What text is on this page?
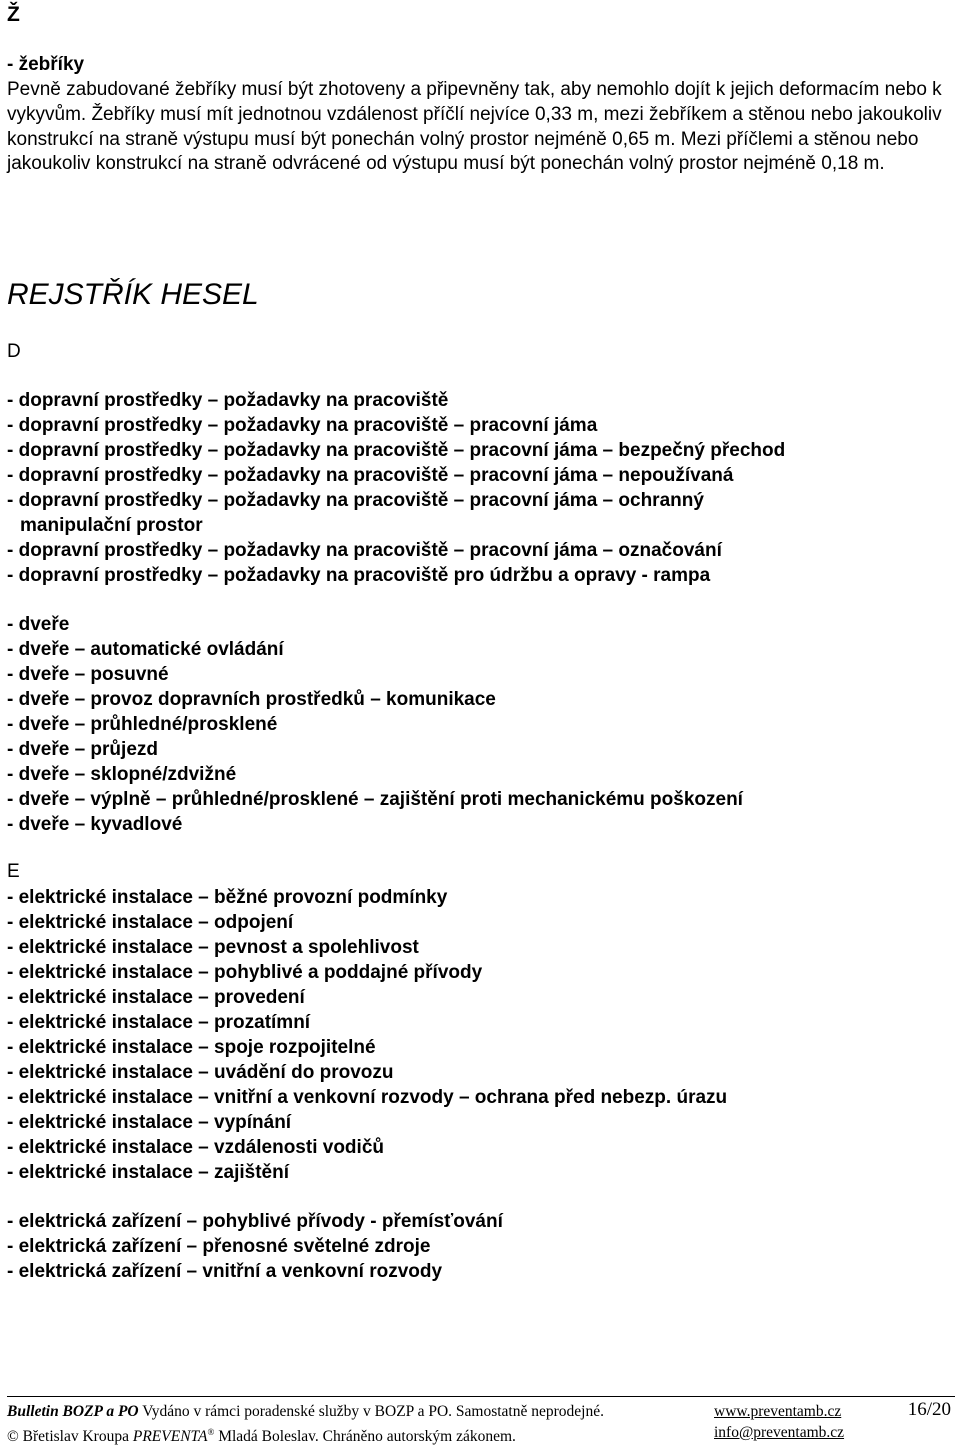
Ž
- žebříky

Pevně zabudované žebříky musí být zhotoveny a připevněny tak, aby nemohlo dojít k jejich deformacím nebo k vykyvům. Žebříky musí mít jednotnou vzdálenost příčlí nejvíce 0,33 m, mezi žebříkem a stěnou nebo jakoukoliv konstrukcí na straně výstupu musí být ponechán volný prostor nejméně 0,65 m. Mezi příčlemi a stěnou nebo jakoukoliv konstrukcí na straně odvrácené od výstupu musí být ponechán volný prostor nejméně 0,18 m.

REJSTŘÍK HESEL
D
- dopravní prostředky – požadavky na pracoviště
- dopravní prostředky – požadavky na pracoviště – pracovní jáma
- dopravní prostředky – požadavky na pracoviště – pracovní jáma – bezpečný přechod
- dopravní prostředky – požadavky na pracoviště – pracovní jáma – nepoužívaná
- dopravní prostředky – požadavky na pracoviště – pracovní jáma – ochranný manipulační prostor
- dopravní prostředky – požadavky na pracoviště – pracovní jáma – označování
- dopravní prostředky – požadavky na pracoviště pro údržbu a opravy - rampa
- dveře
- dveře – automatické ovládání
- dveře – posuvné
- dveře – provoz dopravních prostředků – komunikace
- dveře – průhledné/prosklené
- dveře – průjezd
- dveře – sklopné/zdvižné
- dveře – výplně – průhledné/prosklené – zajištění proti mechanickému poškození
- dveře – kyvadlové
E
- elektrické instalace – běžné provozní podmínky
- elektrické instalace – odpojení
- elektrické instalace – pevnost a spolehlivost
- elektrické instalace – pohyblivé a poddajné přívody
- elektrické instalace – provedení
- elektrické instalace – prozatímní
- elektrické instalace – spoje rozpojitelné
- elektrické instalace – uvádění do provozu
- elektrické instalace – vnitřní a venkovní rozvody – ochrana před nebezp. úrazu
- elektrické instalace – vypínání
- elektrické instalace – vzdálenosti vodičů
- elektrické instalace – zajištění
- elektrická zařízení – pohyblivé přívody - přemísťování
- elektrická zařízení – přenosné světelné zdroje
- elektrická zařízení – vnitřní a venkovní rozvody
Bulletin BOZP a PO Vydáno v rámci poradenské služby v BOZP a PO. Samostatně neprodejné.	www.preventamb.cz	16/20
© Břetislav Kroupa PREVENTA® Mladá Boleslav. Chráněno autorským zákonem.	info@preventamb.cz
